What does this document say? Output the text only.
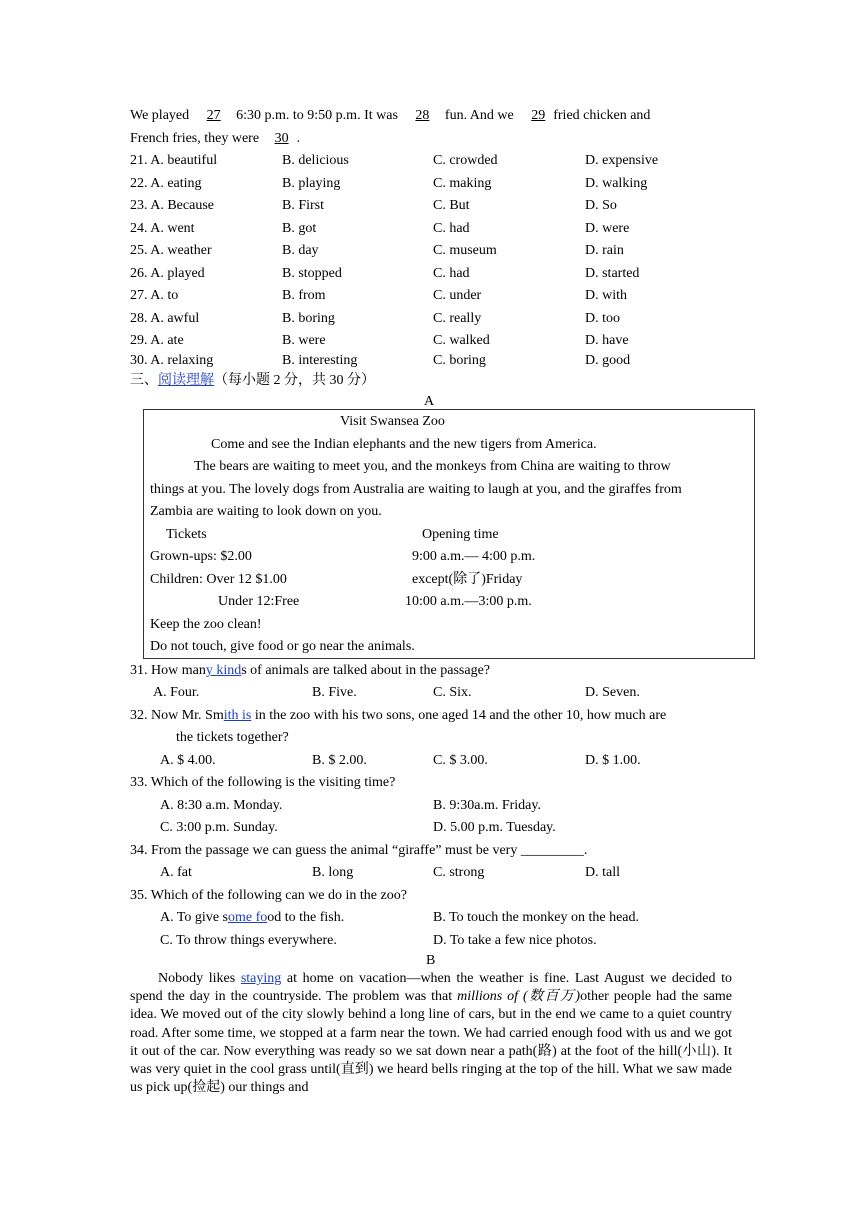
We played 27 6:30 p.m. to 9:50 p.m. It was 28 fun. And we 29 fried chicken and
French fries, they were 30 .
21. A. beautiful	B. delicious	C. crowded	D. expensive
22. A. eating	B. playing	C. making	D. walking
23. A. Because	B. First	C. But	D. So
24. A. went	B. got	C. had	D. were
25. A. weather	B. day	C. museum	D. rain
26. A. played	B. stopped	C. had	D. started
27. A. to	B. from	C. under	D. with
28. A. awful	B. boring	C. really	D. too
29. A. ate	B. were	C. walked	D. have
30. A. relaxing	B. interesting	C. boring	D. good
三、阅读理解（每小题 2 分，共 30 分）
A
Visit Swansea Zoo
Come and see the Indian elephants and the new tigers from America.
The bears are waiting to meet you, and the monkeys from China are waiting to throw
things at you. The lovely dogs from Australia are waiting to laugh at you, and the giraffes from
Zambia are waiting to look down on you.
Tickets	Opening time
Grown-ups: $2.00	9:00 a.m.— 4:00 p.m.
Children: Over 12 $1.00	except(除了)Friday
Under 12:Free	10:00 a.m.—3:00 p.m.
Keep the zoo clean!
Do not touch, give food or go near the animals.
31. How many kinds of animals are talked about in the passage?
A. Four.	B. Five.	C. Six.	D. Seven.
32. Now Mr. Smith is in the zoo with his two sons, one aged 14 and the other 10, how much are
the tickets together?
A. $ 4.00.	B. $ 2.00.	C. $ 3.00.	D. $ 1.00.
33. Which of the following is the visiting time?
A. 8:30 a.m. Monday.	B. 9:30a.m. Friday.
C. 3:00 p.m. Sunday.	D. 5.00 p.m. Tuesday.
34. From the passage we can guess the animal “giraffe” must be very _________.
A. fat	B. long	C. strong	D. tall
35. Which of the following can we do in the zoo?
A. To give some food to the fish.	B. To touch the monkey on the head.
C. To throw things everywhere.	D. To take a few nice photos.
B
Nobody likes staying at home on vacation—when the weather is fine. Last August we decided to spend the day in the countryside. The problem was that millions of (数百万)other people had the same idea. We moved out of the city slowly behind a long line of cars, but in the end we came to a quiet country road. After some time, we stopped at a farm near the town. We had carried enough food with us and we got it out of the car. Now everything was ready so we sat down near a path(路) at the foot of the hill(小山). It was very quiet in the cool grass until(直到) we heard bells ringing at the top of the hill. What we saw made us pick up(捡起) our things and
